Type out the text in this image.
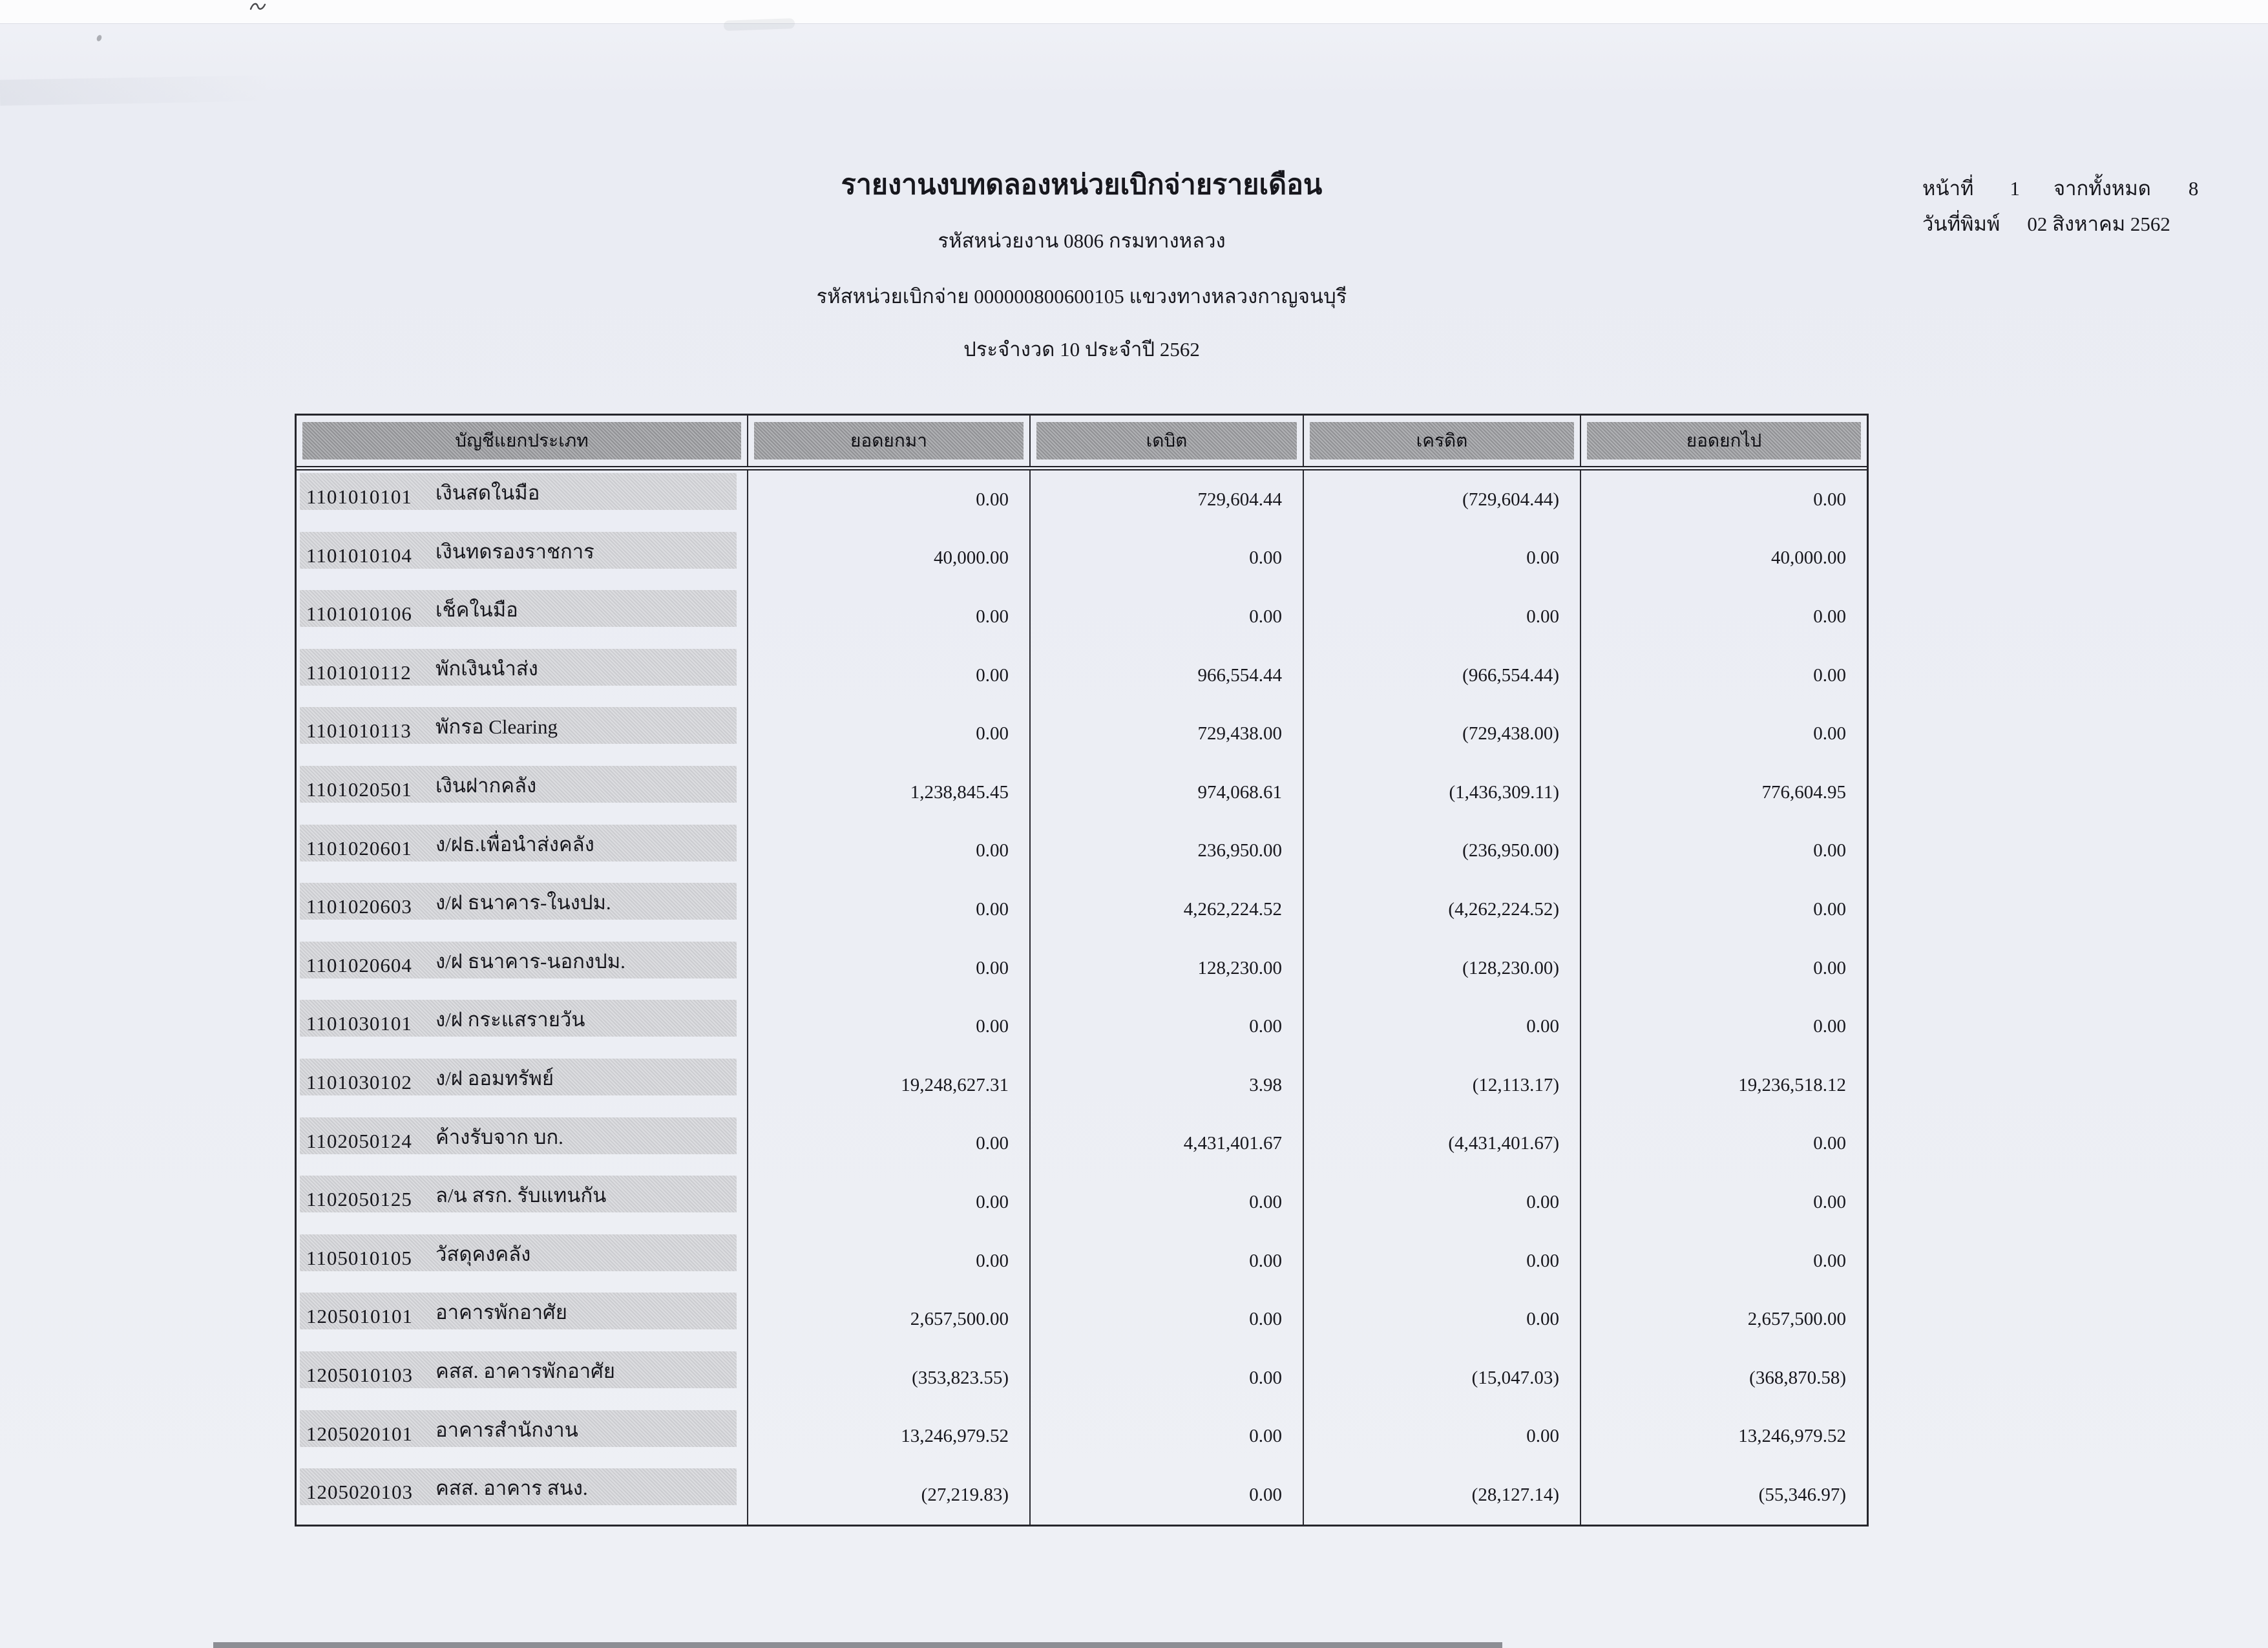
รายงานงบทดลองหน่วยเบิกจ่ายรายเดือน
รหัสหน่วยงาน 0806 กรมทางหลวง
รหัสหน่วยเบิกจ่าย 000000800600105 แขวงทางหลวงกาญจนบุรี
ประจำงวด 10 ประจำปี 2562
หน้าที่ 1 จากทั้งหมด 8
วันที่พิมพ์ 02 สิงหาคม 2562
บัญชีแยกประเภท	ยอดยกมา	เดบิต	เครดิต	ยอดยกไป
1101010101	เงินสดในมือ	0.00	729,604.44	(729,604.44)	0.00
1101010104	เงินทดรองราชการ	40,000.00	0.00	0.00	40,000.00
1101010106	เช็คในมือ	0.00	0.00	0.00	0.00
1101010112	พักเงินนำส่ง	0.00	966,554.44	(966,554.44)	0.00
1101010113	พักรอ Clearing	0.00	729,438.00	(729,438.00)	0.00
1101020501	เงินฝากคลัง	1,238,845.45	974,068.61	(1,436,309.11)	776,604.95
1101020601	ง/ฝธ.เพื่อนำส่งคลัง	0.00	236,950.00	(236,950.00)	0.00
1101020603	ง/ฝ ธนาคาร-ในงปม.	0.00	4,262,224.52	(4,262,224.52)	0.00
1101020604	ง/ฝ ธนาคาร-นอกงปม.	0.00	128,230.00	(128,230.00)	0.00
1101030101	ง/ฝ กระแสรายวัน	0.00	0.00	0.00	0.00
1101030102	ง/ฝ ออมทรัพย์	19,248,627.31	3.98	(12,113.17)	19,236,518.12
1102050124	ค้างรับจาก บก.	0.00	4,431,401.67	(4,431,401.67)	0.00
1102050125	ล/น สรก. รับแทนกัน	0.00	0.00	0.00	0.00
1105010105	วัสดุคงคลัง	0.00	0.00	0.00	0.00
1205010101	อาคารพักอาศัย	2,657,500.00	0.00	0.00	2,657,500.00
1205010103	คสส. อาคารพักอาศัย	(353,823.55)	0.00	(15,047.03)	(368,870.58)
1205020101	อาคารสำนักงาน	13,246,979.52	0.00	0.00	13,246,979.52
1205020103	คสส. อาคาร สนง.	(27,219.83)	0.00	(28,127.14)	(55,346.97)
